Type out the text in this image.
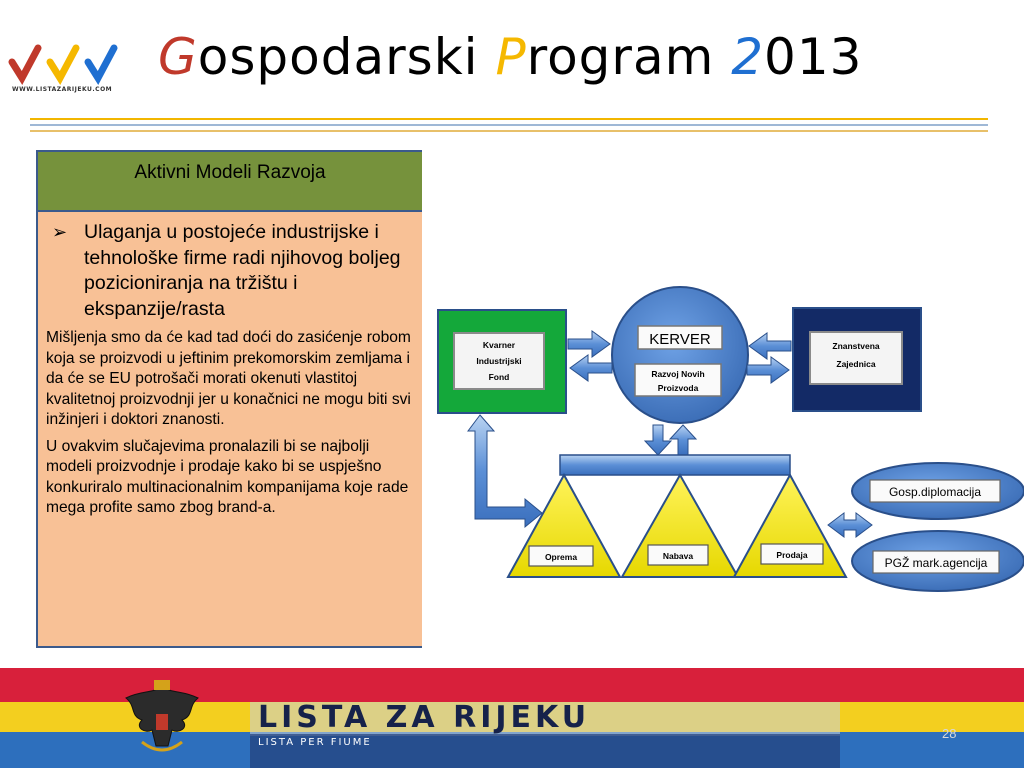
WWW.LISTAZARIJEKU.COM
Gospodarski Program 2013
Aktivni Modeli Razvoja
➢ Ulaganja u postojeće industrijske i tehnološke firme radi njihovog boljeg pozicioniranja na tržištu i ekspanzije/rasta
Mišljenja smo da će kad tad doći do zasićenje robom koja se proizvodi u jeftinim prekomorskim zemljama i da će se EU potrošači morati okenuti vlastitoj kvalitetnoj proizvodnji jer u konačnici ne mogu biti svi inžinjeri i doktori znanosti.
U ovakvim slučajevima pronalazili bi se najbolji modeli proizvodnje i prodaje kako bi se uspješno konkuriralo multinacionalnim kompanijama koje rade mega profite samo zbog brand-a.
Kvarner
Industrijski
Fond
Znanstvena
Zajednica
KERVER
Razvoj Novih
Proizvoda
Oprema	Nabava	Prodaja
Gosp.diplomacija
PGŽ mark.agencija
LISTA ZA RIJEKU
LISTA PER FIUME
28
